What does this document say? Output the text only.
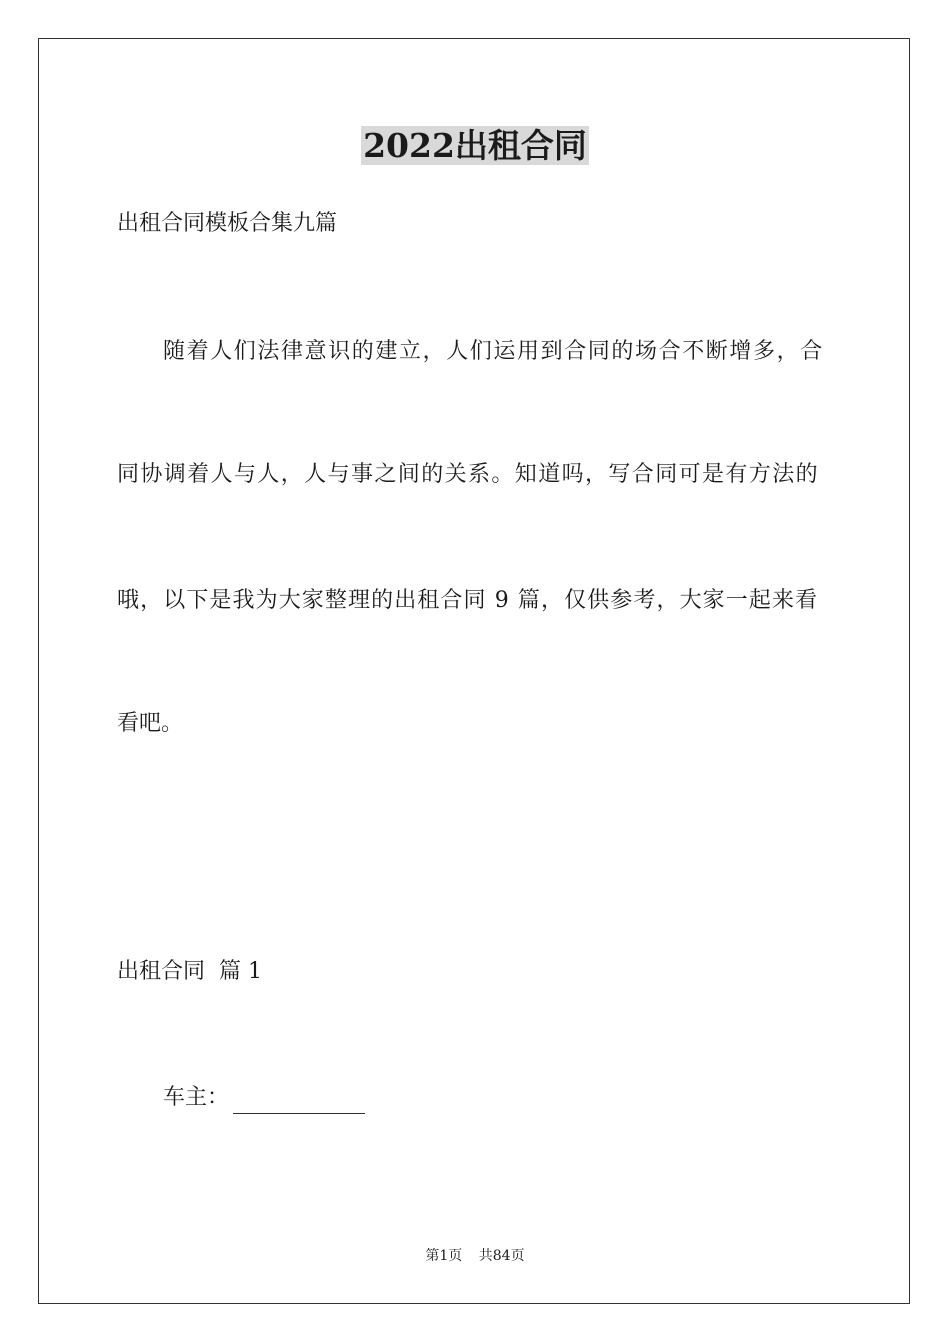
2022出租合同
出租合同模板合集九篇
随着人们法律意识的建立，人们运用到合同的场合不断增多，合
同协调着人与人，人与事之间的关系。知道吗，写合同可是有方法的
哦，以下是我为大家整理的出租合同 9 篇，仅供参考，大家一起来看
看吧。
出租合同  篇 1
车主：
第1页 共84页
